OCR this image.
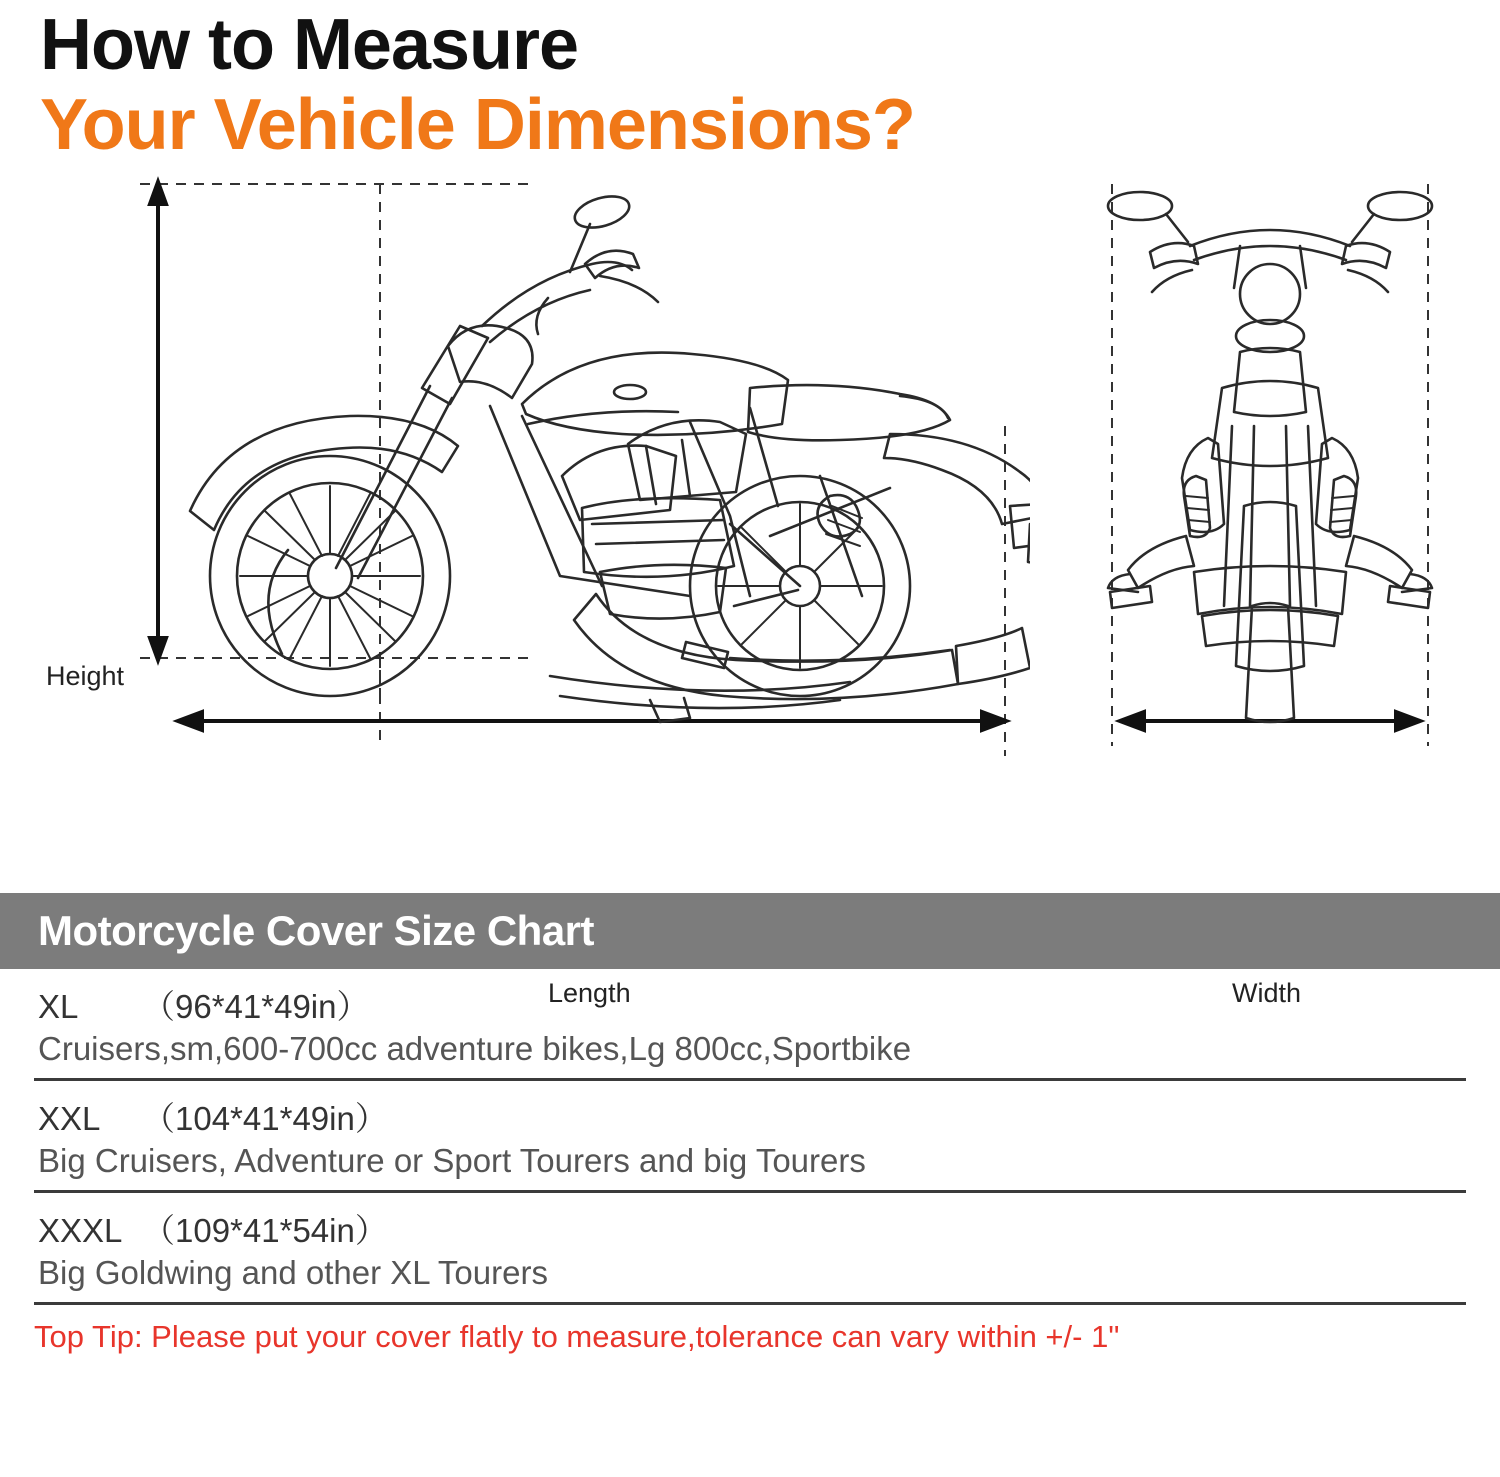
How to Measure
Your Vehicle Dimensions?
Height
Length	Width
Motorcycle Cover Size Chart
XL （96*41*49in）
Cruisers,sm,600-700cc adventure bikes,Lg 800cc,Sportbike
XXL （104*41*49in）
Big Cruisers, Adventure or Sport Tourers and big Tourers
XXXL （109*41*54in）
Big Goldwing and other XL Tourers
Top Tip: Please put your cover flatly to measure,tolerance can vary within +/- 1"
